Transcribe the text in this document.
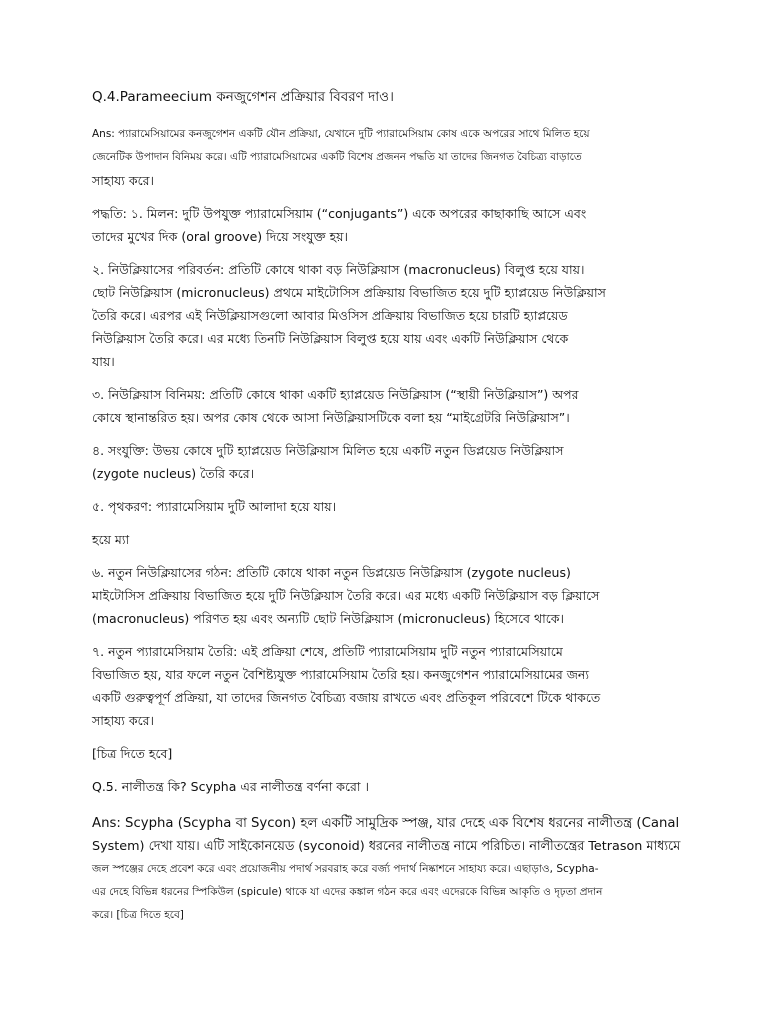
Q.4.Parameecium কনজুগেশন প্রক্রিয়ার বিবরণ দাও।

Ans: প্যারামেসিয়ামের কনজুগেশন একটি যৌন প্রক্রিয়া, যেখানে দুটি প্যারামেসিয়াম কোষ একে অপরের সাথে মিলিত হয়ে

জেনেটিক উপাদান বিনিময় করে। এটি প্যারামেসিয়ামের একটি বিশেষ প্রজনন পদ্ধতি যা তাদের জিনগত বৈচিত্র্য বাড়াতে

সাহায্য করে।

পদ্ধতি: ১. মিলন: দুটি উপযুক্ত প্যারামেসিয়াম (“conjugants”) একে অপরের কাছাকাছি আসে এবং

তাদের মুখের দিক (oral groove) দিয়ে সংযুক্ত হয়।

২. নিউক্লিয়াসের পরিবর্তন: প্রতিটি কোষে থাকা বড় নিউক্লিয়াস (macronucleus) বিলুপ্ত হয়ে যায়।

ছোট নিউক্লিয়াস (micronucleus) প্রথমে মাইটোসিস প্রক্রিয়ায় বিভাজিত হয়ে দুটি হ্যাপ্লয়েড নিউক্লিয়াস

তৈরি করে। এরপর এই নিউক্লিয়াসগুলো আবার মিওসিস প্রক্রিয়ায় বিভাজিত হয়ে চারটি হ্যাপ্লয়েড

নিউক্লিয়াস তৈরি করে। এর মধ্যে তিনটি নিউক্লিয়াস বিলুপ্ত হয়ে যায় এবং একটি নিউক্লিয়াস থেকে

যায়।

৩. নিউক্লিয়াস বিনিময়: প্রতিটি কোষে থাকা একটি হ্যাপ্লয়েড নিউক্লিয়াস (“স্থায়ী নিউক্লিয়াস”) অপর

কোষে স্থানান্তরিত হয়। অপর কোষ থেকে আসা নিউক্লিয়াসটিকে বলা হয় “মাইগ্রেটরি নিউক্লিয়াস”।

৪. সংযুক্তি: উভয় কোষে দুটি হ্যাপ্লয়েড নিউক্লিয়াস মিলিত হয়ে একটি নতুন ডিপ্লয়েড নিউক্লিয়াস

(zygote nucleus) তৈরি করে।

৫. পৃথকরণ: প্যারামেসিয়াম দুটি আলাদা হয়ে যায়।

হয়ে ম্যা

৬. নতুন নিউক্লিয়াসের গঠন: প্রতিটি কোষে থাকা নতুন ডিপ্লয়েড নিউক্লিয়াস (zygote nucleus)

মাইটোসিস প্রক্রিয়ায় বিভাজিত হয়ে দুটি নিউক্লিয়াস তৈরি করে। এর মধ্যে একটি নিউক্লিয়াস বড় ক্লিয়াসে

(macronucleus) পরিণত হয় এবং অন্যটি ছোট নিউক্লিয়াস (micronucleus) হিসেবে থাকে।

৭. নতুন প্যারামেসিয়াম তৈরি: এই প্রক্রিয়া শেষে, প্রতিটি প্যারামেসিয়াম দুটি নতুন প্যারামেসিয়ামে

বিভাজিত হয়, যার ফলে নতুন বৈশিষ্ট্যযুক্ত প্যারামেসিয়াম তৈরি হয়। কনজুগেশন প্যারামেসিয়ামের জন্য

একটি গুরুত্বপূর্ণ প্রক্রিয়া, যা তাদের জিনগত বৈচিত্র্য বজায় রাখতে এবং প্রতিকূল পরিবেশে টিকে থাকতে

সাহায্য করে।

[চিত্র দিতে হবে]

Q.5. নালীতন্ত্র কি? Scypha এর নালীতন্ত্র বর্ণনা করো ।

Ans: Scypha (Scypha বা Sycon) হল একটি সামুদ্রিক স্পঞ্জ, যার দেহে এক বিশেষ ধরনের নালীতন্ত্র (Canal

System) দেখা যায়। এটি সাইকোনয়েড (syconoid) ধরনের নালীতন্ত্র নামে পরিচিত। নালীতন্ত্রের Tetrason মাধ্যমে

জল স্পঞ্জের দেহে প্রবেশ করে এবং প্রয়োজনীয় পদার্থ সরবরাহ করে বর্জ্য পদার্থ নিষ্কাশনে সাহায্য করে। এছাড়াও, Scypha-

এর দেহে বিভিন্ন ধরনের স্পিকিউল (spicule) থাকে যা এদের কঙ্কাল গঠন করে এবং এদেরকে বিভিন্ন আকৃতি ও দৃঢ়তা প্রদান

করে। [চিত্র দিতে হবে]
